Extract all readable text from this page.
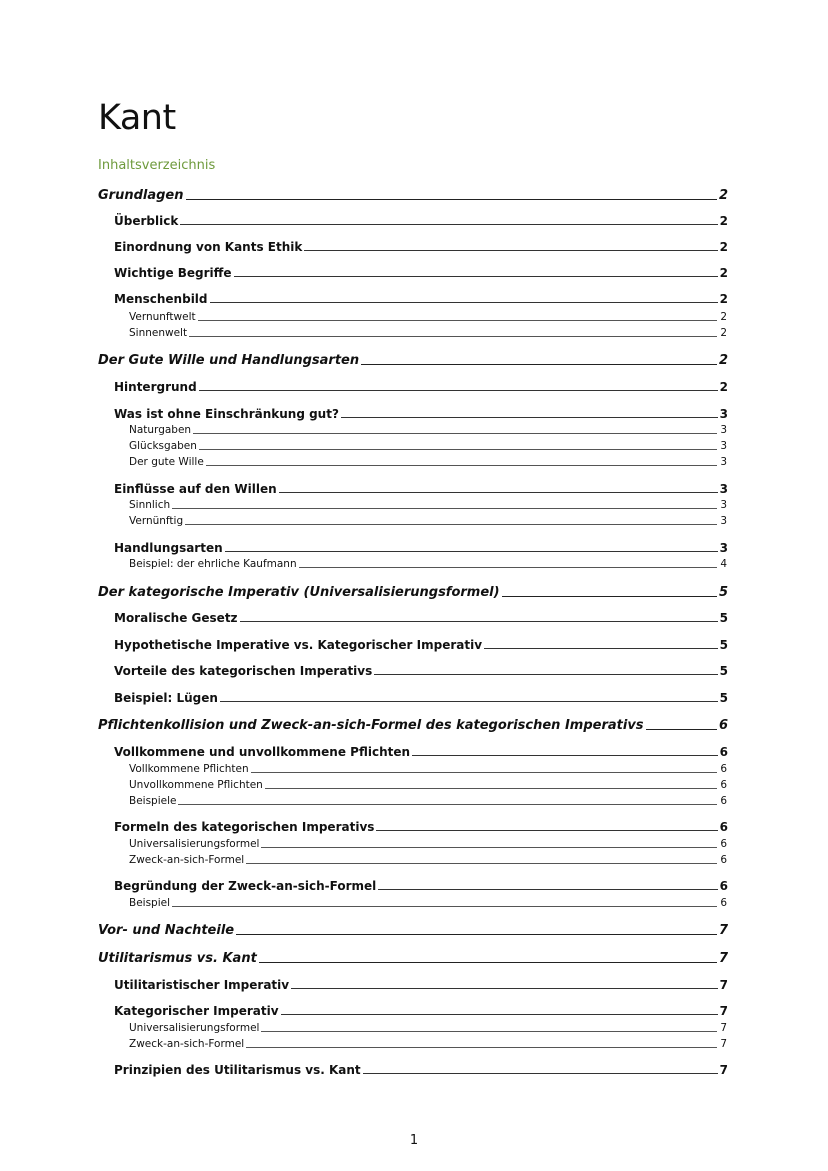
Kant
Inhaltsverzeichnis
Grundlagen	2
Überblick	2
Einordnung von Kants Ethik	2
Wichtige Begriffe	2
Menschenbild	2
Vernunftwelt	2
Sinnenwelt	2
Der Gute Wille und Handlungsarten	2
Hintergrund	2
Was ist ohne Einschränkung gut?	3
Naturgaben	3
Glücksgaben	3
Der gute Wille	3
Einflüsse auf den Willen	3
Sinnlich	3
Vernünftig	3
Handlungsarten	3
Beispiel: der ehrliche Kaufmann	4
Der kategorische Imperativ (Universalisierungsformel)	5
Moralische Gesetz	5
Hypothetische Imperative vs. Kategorischer Imperativ	5
Vorteile des kategorischen Imperativs	5
Beispiel: Lügen	5
Pflichtenkollision und Zweck-an-sich-Formel des kategorischen Imperativs	6
Vollkommene und unvollkommene Pflichten	6
Vollkommene Pflichten	6
Unvollkommene Pflichten	6
Beispiele	6
Formeln des kategorischen Imperativs	6
Universalisierungsformel	6
Zweck-an-sich-Formel	6
Begründung der Zweck-an-sich-Formel	6
Beispiel	6
Vor- und Nachteile	7
Utilitarismus vs. Kant	7
Utilitaristischer Imperativ	7
Kategorischer Imperativ	7
Universalisierungsformel	7
Zweck-an-sich-Formel	7
Prinzipien des Utilitarismus vs. Kant	7
1
